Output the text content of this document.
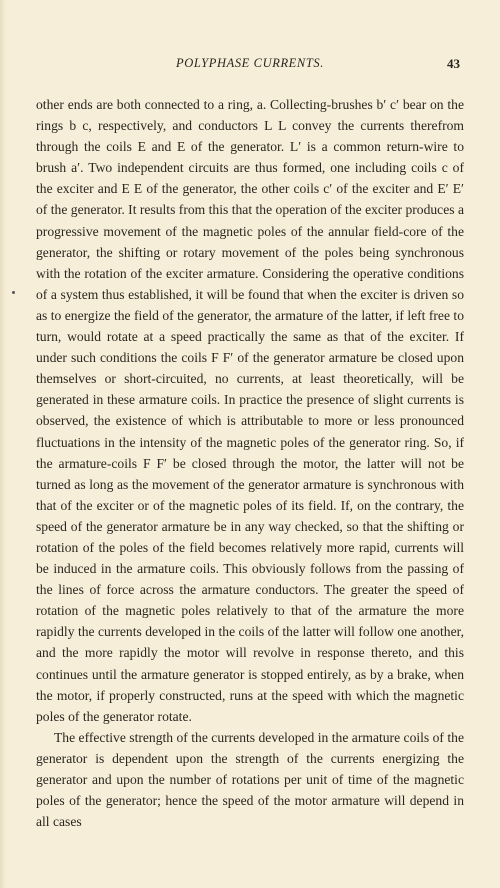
POLYPHASE CURRENTS.	43

other ends are both connected to a ring, a. Collecting-brushes b′ c′ bear on the rings b c, respectively, and conductors L L convey the currents therefrom through the coils E and E of the generator. L′ is a common return-wire to brush a′. Two independent circuits are thus formed, one including coils c of the exciter and E E of the generator, the other coils c′ of the exciter and E′ E′ of the generator. It results from this that the operation of the exciter produces a progressive movement of the magnetic poles of the annular field-core of the generator, the shifting or rotary movement of the poles being synchronous with the rotation of the exciter armature. Considering the operative conditions of a system thus established, it will be found that when the exciter is driven so as to energize the field of the generator, the armature of the latter, if left free to turn, would rotate at a speed practically the same as that of the exciter. If under such conditions the coils F F′ of the generator armature be closed upon themselves or short-circuited, no currents, at least theoretically, will be generated in these armature coils. In practice the presence of slight currents is observed, the existence of which is attributable to more or less pronounced fluctuations in the intensity of the magnetic poles of the generator ring. So, if the armature-coils F F′ be closed through the motor, the latter will not be turned as long as the movement of the generator armature is synchronous with that of the exciter or of the magnetic poles of its field. If, on the contrary, the speed of the generator armature be in any way checked, so that the shifting or rotation of the poles of the field becomes relatively more rapid, currents will be induced in the armature coils. This obviously follows from the passing of the lines of force across the armature conductors. The greater the speed of rotation of the magnetic poles relatively to that of the armature the more rapidly the currents developed in the coils of the latter will follow one another, and the more rapidly the motor will revolve in response thereto, and this continues until the armature generator is stopped entirely, as by a brake, when the motor, if properly constructed, runs at the speed with which the magnetic poles of the generator rotate.

The effective strength of the currents developed in the armature coils of the generator is dependent upon the strength of the currents energizing the generator and upon the number of rotations per unit of time of the magnetic poles of the generator; hence the speed of the motor armature will depend in all cases
